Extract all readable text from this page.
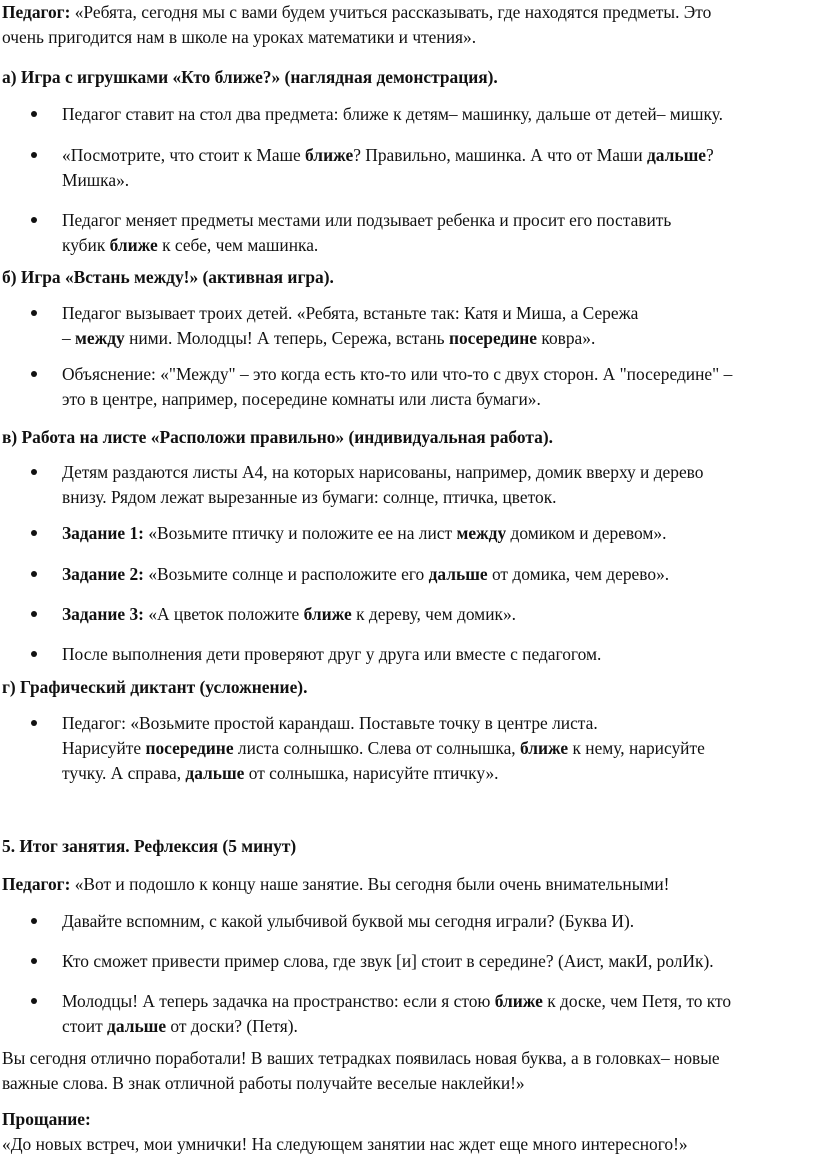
Педагог: «Ребята, сегодня мы с вами будем учиться рассказывать, где находятся предметы. Это
очень пригодится нам в школе на уроках математики и чтения».
а) Игра с игрушками «Кто ближе?» (наглядная демонстрация).
Педагог ставит на стол два предмета: ближе к детям– машинку, дальше от детей– мишку.
«Посмотрите, что стоит к Маше ближе? Правильно, машинка. А что от Маши дальше?
Мишка».
Педагог меняет предметы местами или подзывает ребенка и просит его поставить
кубик ближе к себе, чем машинка.
б) Игра «Встань между!» (активная игра).
Педагог вызывает троих детей. «Ребята, встаньте так: Катя и Миша, а Сережа
– между ними. Молодцы! А теперь, Сережа, встань посередине ковра».
Объяснение: «"Между" – это когда есть кто-то или что-то с двух сторон. А "посередине" –
это в центре, например, посередине комнаты или листа бумаги».
в) Работа на листе «Расположи правильно» (индивидуальная работа).
Детям раздаются листы А4, на которых нарисованы, например, домик вверху и дерево
внизу. Рядом лежат вырезанные из бумаги: солнце, птичка, цветок.
Задание 1: «Возьмите птичку и положите ее на лист между домиком и деревом».
Задание 2: «Возьмите солнце и расположите его дальше от домика, чем дерево».
Задание 3: «А цветок положите ближе к дереву, чем домик».
После выполнения дети проверяют друг у друга или вместе с педагогом.
г) Графический диктант (усложнение).
Педагог: «Возьмите простой карандаш. Поставьте точку в центре листа.
Нарисуйте посередине листа солнышко. Слева от солнышка, ближе к нему, нарисуйте
тучку. А справа, дальше от солнышка, нарисуйте птичку».
5. Итог занятия. Рефлексия (5 минут)
Педагог: «Вот и подошло к концу наше занятие. Вы сегодня были очень внимательными!
Давайте вспомним, с какой улыбчивой буквой мы сегодня играли? (Буква И).
Кто сможет привести пример слова, где звук [и] стоит в середине? (Аист, макИ, ролИк).
Молодцы! А теперь задачка на пространство: если я стою ближе к доске, чем Петя, то кто
стоит дальше от доски? (Петя).
Вы сегодня отлично поработали! В ваших тетрадках появилась новая буква, а в головках– новые
важные слова. В знак отличной работы получайте веселые наклейки!»
Прощание:
«До новых встреч, мои умнички! На следующем занятии нас ждет еще много интересного!»
